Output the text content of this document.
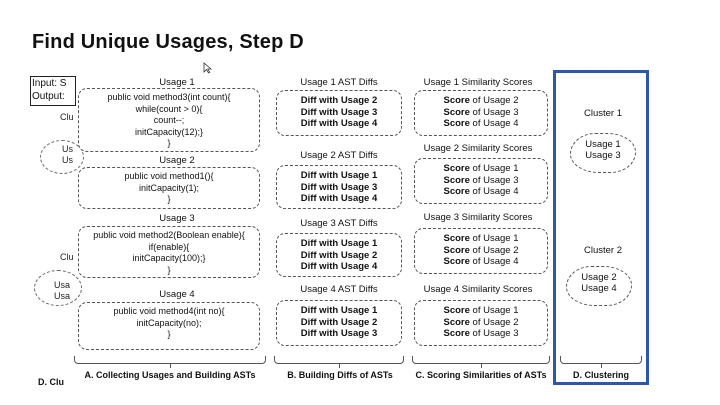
Find Unique Usages, Step D
Input: S
Output:
Clu
Us
Us
Clu
Usa
Usa
D. Clu
Usage 1
public void method3(int count){
while(count > 0){
count--;
initCapacity(12);}
}
Usage 2
public void method1(){
initCapacity(1);
}
Usage 3
public void method2(Boolean enable){
if(enable){
initCapacity(100);}
}
Usage 4
public void method4(int no){
initCapacity(no);
}
Usage 1 AST Diffs
Diff with Usage 2
Diff with Usage 3
Diff with Usage 4
Usage 2 AST Diffs
Diff with Usage 1
Diff with Usage 3
Diff with Usage 4
Usage 3 AST Diffs
Diff with Usage 1
Diff with Usage 2
Diff with Usage 4
Usage 4 AST Diffs
Diff with Usage 1
Diff with Usage 2
Diff with Usage 3
Usage 1 Similarity Scores
Score of Usage 2
Score of Usage 3
Score of Usage 4
Usage 2 Similarity Scores
Score of Usage 1
Score of Usage 3
Score of Usage 4
Usage 3 Similarity Scores
Score of Usage 1
Score of Usage 2
Score of Usage 4
Usage 4 Similarity Scores
Score of Usage 1
Score of Usage 2
Score of Usage 3
Cluster 1
Usage 1
Usage 3
Cluster 2
Usage 2
Usage 4
A. Collecting Usages and Building ASTs	B. Building Diffs of ASTs	C. Scoring Similarities of ASTs	D. Clustering
